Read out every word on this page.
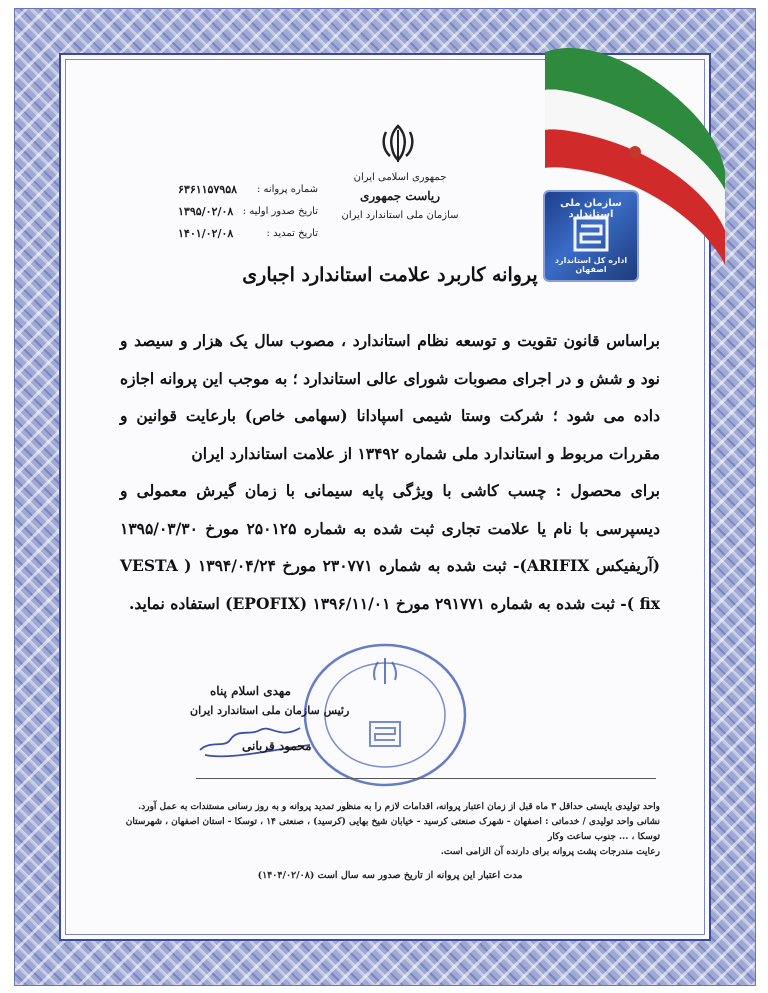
جمهوری اسلامی ایران
ریاست جمهوری
سازمان ملی استاندارد ایران
شماره پروانه :
۶۳۶۱۱۵۷۹۵۸
تاریخ صدور اولیه :
۱۳۹۵/۰۲/۰۸
تاریخ تمدید :
۱۴۰۱/۰۲/۰۸
سازمان ملی استاندارد
اداره کل استاندارد اصفهان
پروانه کاربرد علامت استاندارد اجباری

براساس قانون تقویت و توسعه نظام استاندارد ، مصوب سال یک هزار و سیصد و نود و شش و در اجرای مصوبات شورای عالی استاندارد ؛ به موجب این پروانه اجازه داده می شود ؛ شرکت وستا شیمی اسپادانا (سهامی خاص) بارعایت قوانین و مقررات مربوط و استاندارد ملی شماره ۱۳۴۹۲ از علامت استاندارد ایران

برای محصول : چسب کاشی با ویژگی پایه سیمانی با زمان گیرش معمولی و دیسپرسی با نام یا علامت تجاری ثبت شده به شماره ۲۵۰۱۲۵ مورخ ۱۳۹۵/۰۳/۳۰ (آریفیکس ARIFIX)- ثبت شده به شماره ۲۳۰۷۷۱ مورخ ۱۳۹۴/۰۴/۲۴ ( VESTA fix )- ثبت شده به شماره ۲۹۱۷۷۱ مورخ ۱۳۹۶/۱۱/۰۱ (EPOFIX) استفاده نماید.

مهدی اسلام پناه
رئیس سازمان ملی استاندارد ایران
محمود قربانی

واحد تولیدی بایستی حداقل ۳ ماه قبل از زمان اعتبار پروانه، اقدامات لازم را به منظور تمدید پروانه و به روز رسانی مستندات به عمل آورد.

نشانی واحد تولیدی / خدماتی : اصفهان - شهرک صنعتی کرسید - خیابان شیخ بهایی (کرسید) ، صنعتی ۱۴ ، توسکا - استان اصفهان ، شهرستان توسکا ، ... جنوب ساعت وکار

رعایت مندرجات پشت پروانه برای دارنده آن الزامی است.

مدت اعتبار این پروانه از تاریخ صدور سه سال است (۱۴۰۴/۰۲/۰۸)
